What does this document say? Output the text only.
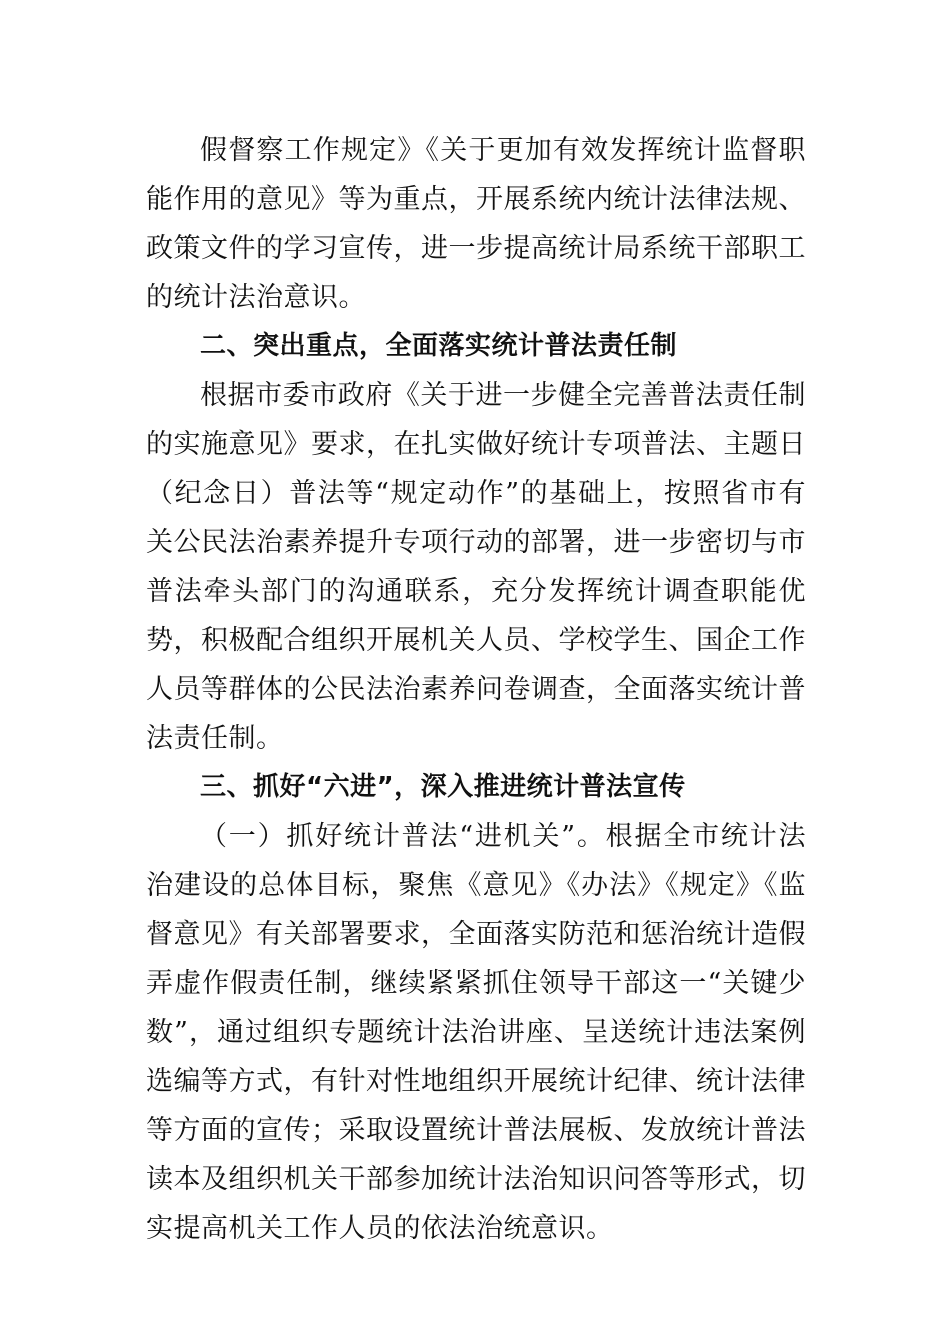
假督察工作规定》《关于更加有效发挥统计监督职能作用的意见》等为重点，开展系统内统计法律法规、政策文件的学习宣传，进一步提高统计局系统干部职工的统计法治意识。

二、突出重点，全面落实统计普法责任制

根据市委市政府《关于进一步健全完善普法责任制的实施意见》要求，在扎实做好统计专项普法、主题日（纪念日）普法等“规定动作”的基础上，按照省市有关公民法治素养提升专项行动的部署，进一步密切与市普法牵头部门的沟通联系，充分发挥统计调查职能优势，积极配合组织开展机关人员、学校学生、国企工作人员等群体的公民法治素养问卷调查，全面落实统计普法责任制。

三、抓好“六进”，深入推进统计普法宣传

（一）抓好统计普法“进机关”。根据全市统计法治建设的总体目标，聚焦《意见》《办法》《规定》《监督意见》有关部署要求，全面落实防范和惩治统计造假弄虚作假责任制，继续紧紧抓住领导干部这一“关键少数”，通过组织专题统计法治讲座、呈送统计违法案例选编等方式，有针对性地组织开展统计纪律、统计法律等方面的宣传；采取设置统计普法展板、发放统计普法读本及组织机关干部参加统计法治知识问答等形式，切实提高机关工作人员的依法治统意识。
